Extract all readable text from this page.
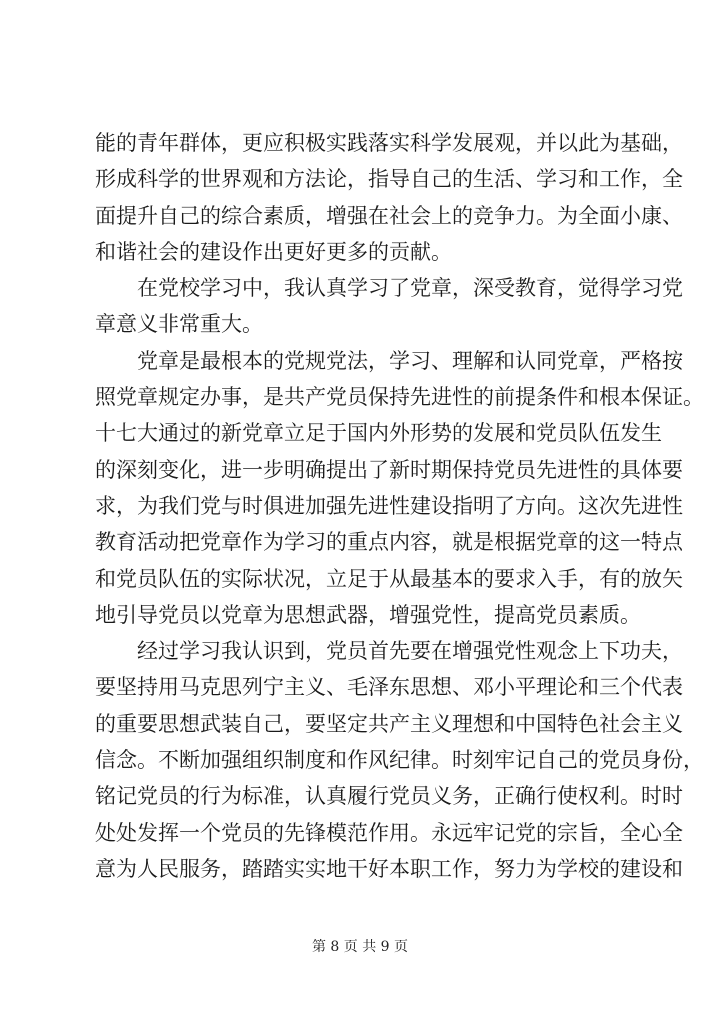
能的青年群体，更应积极实践落实科学发展观，并以此为基础，
形成科学的世界观和方法论，指导自己的生活、学习和工作，全
面提升自己的综合素质，增强在社会上的竞争力。为全面小康、
和谐社会的建设作出更好更多的贡献。
在党校学习中，我认真学习了党章，深受教育，觉得学习党
章意义非常重大。
党章是最根本的党规党法，学习、理解和认同党章，严格按
照党章规定办事，是共产党员保持先进性的前提条件和根本保证。
十七大通过的新党章立足于国内外形势的发展和党员队伍发生
的深刻变化，进一步明确提出了新时期保持党员先进性的具体要
求，为我们党与时俱进加强先进性建设指明了方向。这次先进性
教育活动把党章作为学习的重点内容，就是根据党章的这一特点
和党员队伍的实际状况，立足于从最基本的要求入手，有的放矢
地引导党员以党章为思想武器，增强党性，提高党员素质。
经过学习我认识到，党员首先要在增强党性观念上下功夫，
要坚持用马克思列宁主义、毛泽东思想、邓小平理论和三个代表
的重要思想武装自己，要坚定共产主义理想和中国特色社会主义
信念。不断加强组织制度和作风纪律。时刻牢记自己的党员身份，
铭记党员的行为标准，认真履行党员义务，正确行使权利。时时
处处发挥一个党员的先锋模范作用。永远牢记党的宗旨，全心全
意为人民服务，踏踏实实地干好本职工作，努力为学校的建设和
第 8 页 共 9 页
